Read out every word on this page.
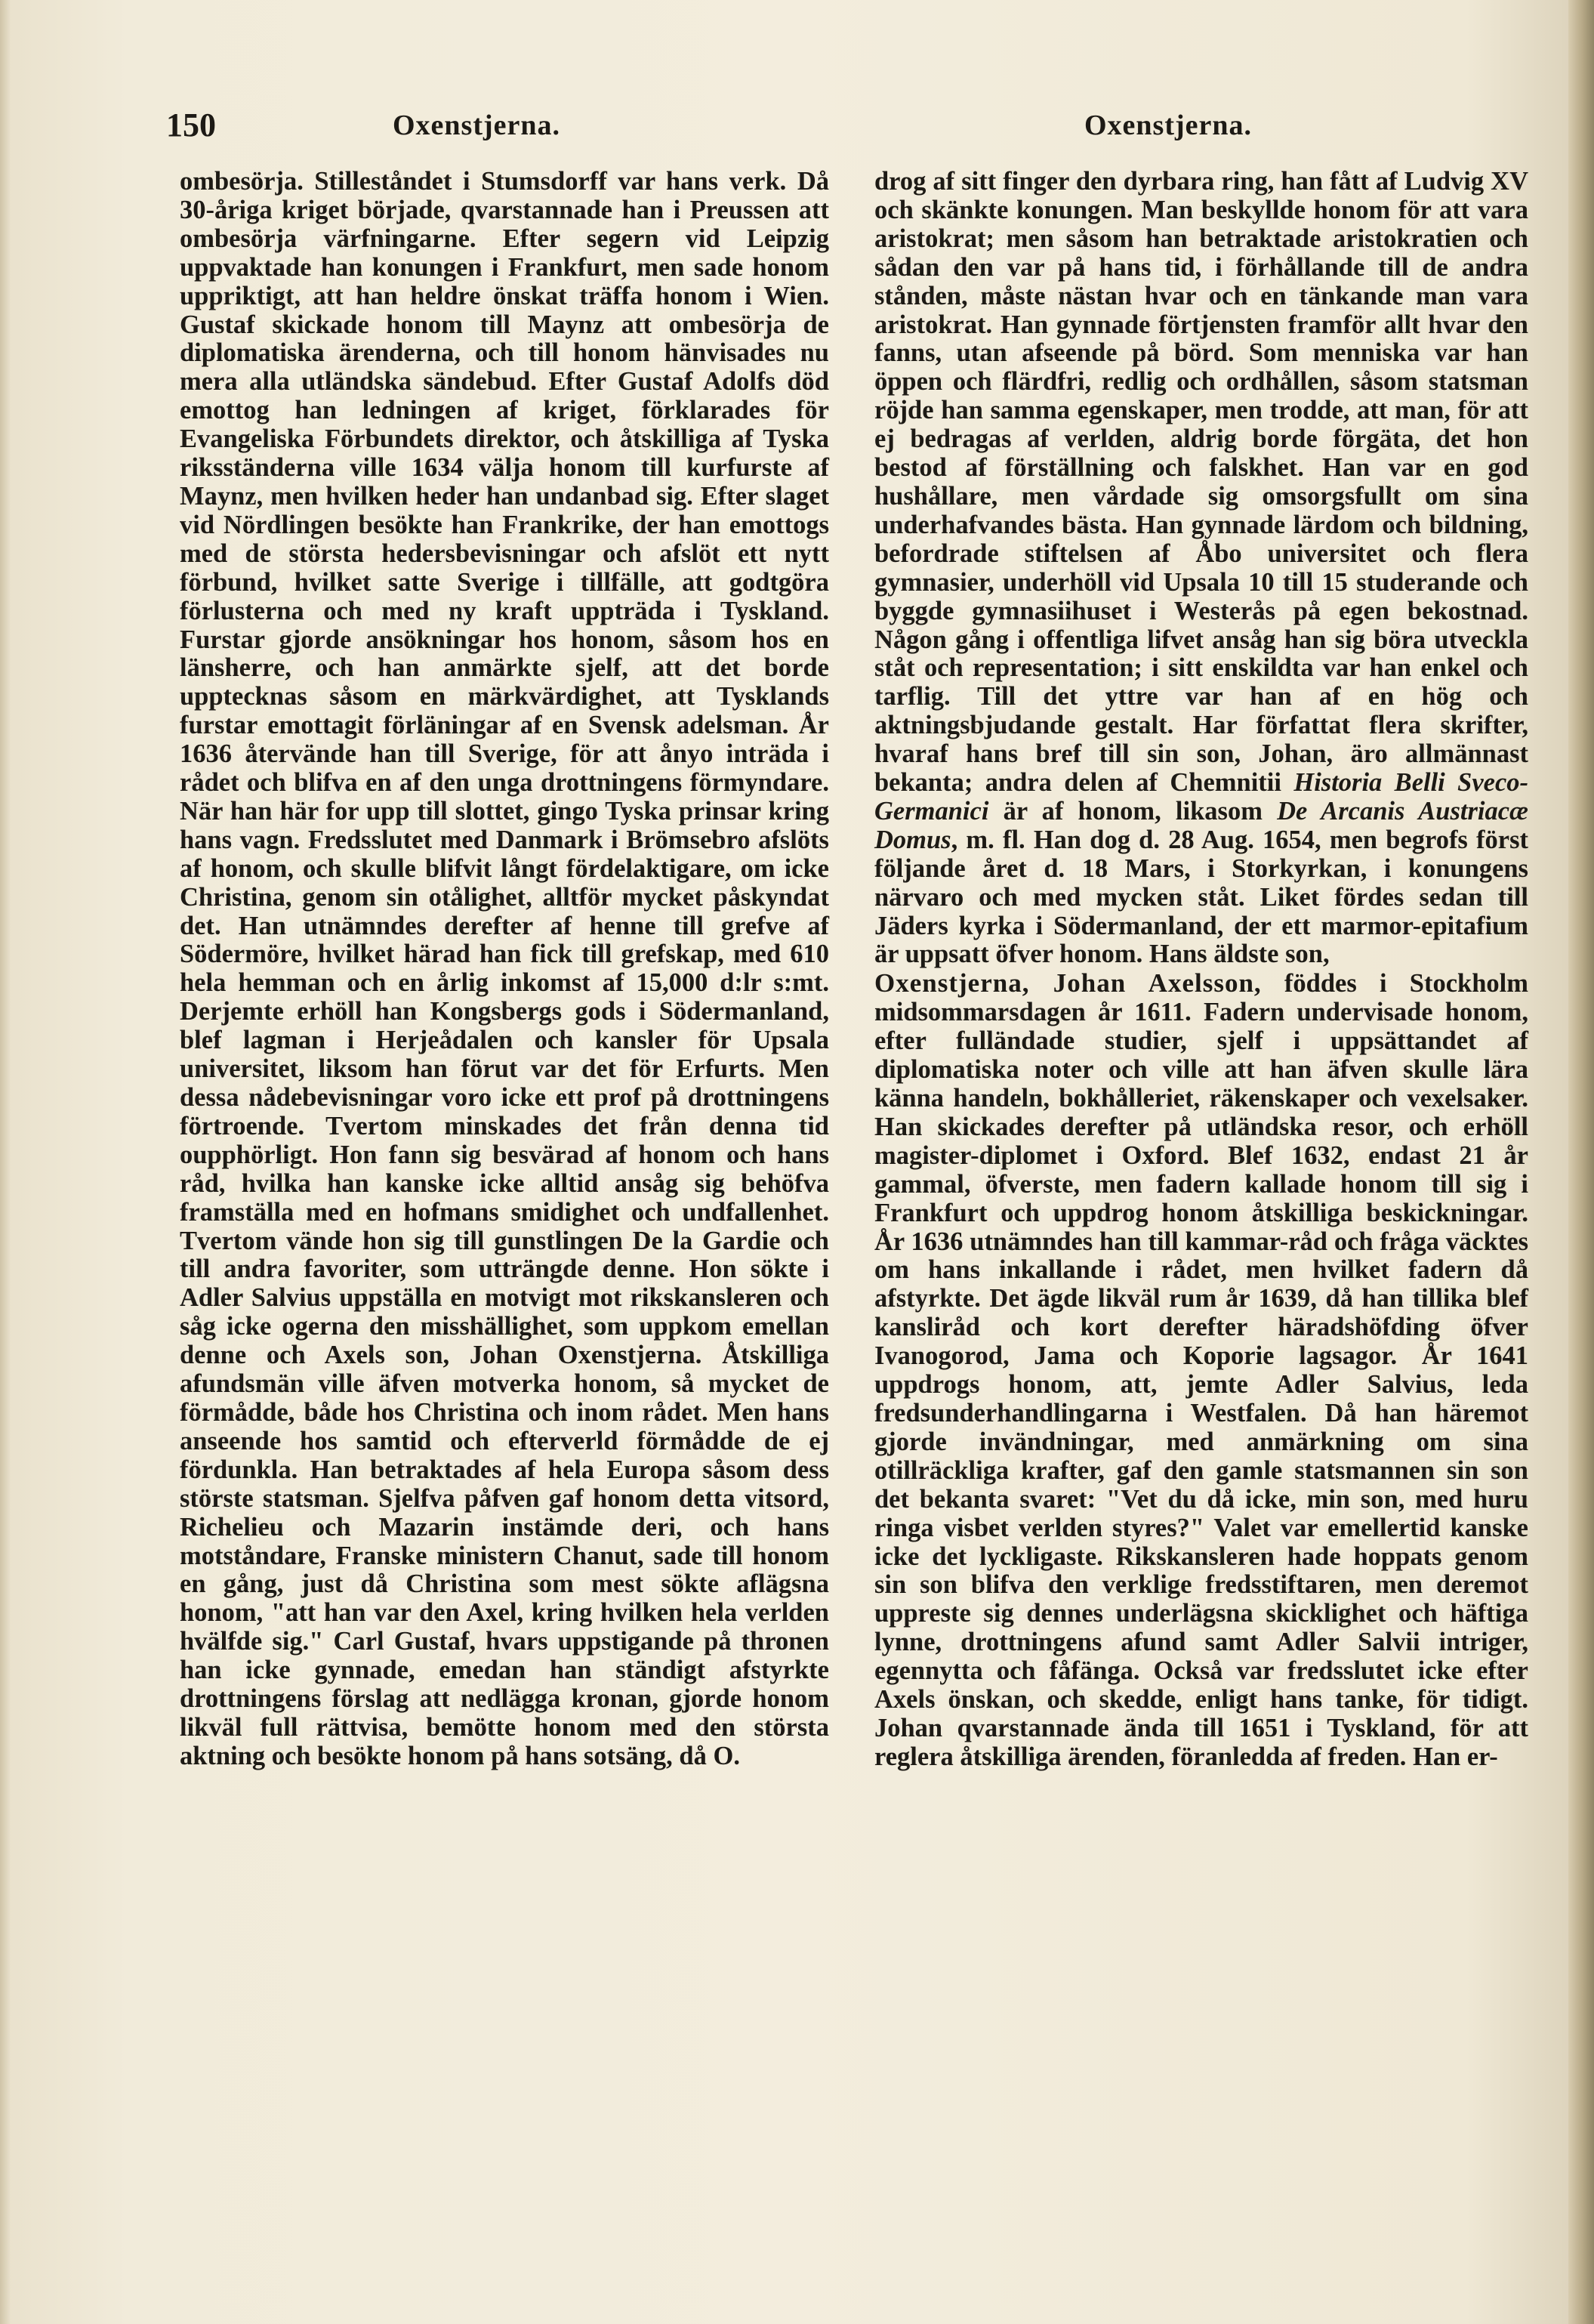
150	Oxenstjerna.	Oxenstjerna.

ombesörja. Stilleståndet i Stumsdorff var hans verk. Då 30-åriga kriget började, qvarstannade han i Preussen att ombesörja värfningarne. Efter segern vid Leipzig uppvaktade han konungen i Frankfurt, men sade honom uppriktigt, att han heldre önskat träffa honom i Wien. Gustaf skickade honom till Maynz att ombesörja de diplomatiska ärenderna, och till honom hänvisades nu mera alla utländska sändebud. Efter Gustaf Adolfs död emottog han ledningen af kriget, förklarades för Evangeliska Förbundets direktor, och åtskilliga af Tyska riksständerna ville 1634 välja honom till kurfurste af Maynz, men hvilken heder han undanbad sig. Efter slaget vid Nördlingen besökte han Frankrike, der han emottogs med de största hedersbevisningar och afslöt ett nytt förbund, hvilket satte Sverige i tillfälle, att godtgöra förlusterna och med ny kraft uppträda i Tyskland. Furstar gjorde ansökningar hos honom, såsom hos en länsherre, och han anmärkte sjelf, att det borde upptecknas såsom en märkvärdighet, att Tysklands furstar emottagit förläningar af en Svensk adelsman. År 1636 återvände han till Sverige, för att ånyo inträda i rådet och blifva en af den unga drottningens förmyndare. När han här for upp till slottet, gingo Tyska prinsar kring hans vagn. Fredsslutet med Danmark i Brömsebro afslöts af honom, och skulle blifvit långt fördelaktigare, om icke Christina, genom sin otålighet, alltför mycket påskyndat det. Han utnämndes derefter af henne till grefve af Södermöre, hvilket härad han fick till grefskap, med 610 hela hemman och en årlig inkomst af 15,000 d:lr s:mt. Derjemte erhöll han Kongsbergs gods i Södermanland, blef lagman i Herjeådalen och kansler för Upsala universitet, liksom han förut var det för Erfurts. Men dessa nådebevisningar voro icke ett prof på drottningens förtroende. Tvertom minskades det från denna tid oupphörligt. Hon fann sig besvärad af honom och hans råd, hvilka han kanske icke alltid ansåg sig behöfva framställa med en hofmans smidighet och undfallenhet. Tvertom vände hon sig till gunstlingen De la Gardie och till andra favoriter, som utträngde denne. Hon sökte i Adler Salvius uppställa en motvigt mot rikskansleren och såg icke ogerna den misshällighet, som uppkom emellan denne och Axels son, Johan Oxenstjerna. Åtskilliga afundsmän ville äfven motverka honom, så mycket de förmådde, både hos Christina och inom rådet. Men hans anseende hos samtid och efterverld förmådde de ej fördunkla. Han betraktades af hela Europa såsom dess störste statsman. Sjelfva påfven gaf honom detta vitsord, Richelieu och Mazarin instämde deri, och hans motståndare, Franske ministern Chanut, sade till honom en gång, just då Christina som mest sökte aflägsna honom, "att han var den Axel, kring hvilken hela verlden hvälfde sig." Carl Gustaf, hvars uppstigande på thronen han icke gynnade, emedan han ständigt afstyrkte drottningens förslag att nedlägga kronan, gjorde honom likväl full rättvisa, bemötte honom med den största aktning och besökte honom på hans sotsäng, då O.

drog af sitt finger den dyrbara ring, han fått af Ludvig XV och skänkte konungen. Man beskyllde honom för att vara aristokrat; men såsom han betraktade aristokratien och sådan den var på hans tid, i förhållande till de andra stånden, måste nästan hvar och en tänkande man vara aristokrat. Han gynnade förtjensten framför allt hvar den fanns, utan afseende på börd. Som menniska var han öppen och flärdfri, redlig och ordhållen, såsom statsman röjde han samma egenskaper, men trodde, att man, för att ej bedragas af verlden, aldrig borde förgäta, det hon bestod af förställning och falskhet. Han var en god hushållare, men vårdade sig omsorgsfullt om sina underhafvandes bästa. Han gynnade lärdom och bildning, befordrade stiftelsen af Åbo universitet och flera gymnasier, underhöll vid Upsala 10 till 15 studerande och byggde gymnasiihuset i Westerås på egen bekostnad. Någon gång i offentliga lifvet ansåg han sig böra utveckla ståt och representation; i sitt enskildta var han enkel och tarflig. Till det yttre var han af en hög och aktningsbjudande gestalt. Har författat flera skrifter, hvaraf hans bref till sin son, Johan, äro allmännast bekanta; andra delen af Chemnitii Historia Belli Sveco-Germanici är af honom, likasom De Arcanis Austriacæ Domus, m. fl. Han dog d. 28 Aug. 1654, men begrofs först följande året d. 18 Mars, i Storkyrkan, i konungens närvaro och med mycken ståt. Liket fördes sedan till Jäders kyrka i Södermanland, der ett marmor-epitafium är uppsatt öfver honom. Hans äldste son,

Oxenstjerna, Johan Axelsson, föddes i Stockholm midsommarsdagen år 1611. Fadern undervisade honom, efter fulländade studier, sjelf i uppsättandet af diplomatiska noter och ville att han äfven skulle lära känna handeln, bokhålleriet, räkenskaper och vexelsaker. Han skickades derefter på utländska resor, och erhöll magister-diplomet i Oxford. Blef 1632, endast 21 år gammal, öfverste, men fadern kallade honom till sig i Frankfurt och uppdrog honom åtskilliga beskickningar. År 1636 utnämndes han till kammar-råd och fråga väcktes om hans inkallande i rådet, men hvilket fadern då afstyrkte. Det ägde likväl rum år 1639, då han tillika blef kansliråd och kort derefter häradshöfding öfver Ivanogorod, Jama och Koporie lagsagor. År 1641 uppdrogs honom, att, jemte Adler Salvius, leda fredsunderhandlingarna i Westfalen. Då han häremot gjorde invändningar, med anmärkning om sina otillräckliga krafter, gaf den gamle statsmannen sin son det bekanta svaret: "Vet du då icke, min son, med huru ringa visbet verlden styres?" Valet var emellertid kanske icke det lyckligaste. Rikskansleren hade hoppats genom sin son blifva den verklige fredsstiftaren, men deremot uppreste sig dennes underlägsna skicklighet och häftiga lynne, drottningens afund samt Adler Salvii intriger, egennytta och fåfänga. Också var fredsslutet icke efter Axels önskan, och skedde, enligt hans tanke, för tidigt. Johan qvarstannade ända till 1651 i Tyskland, för att reglera åtskilliga ärenden, föranledda af freden. Han er-
